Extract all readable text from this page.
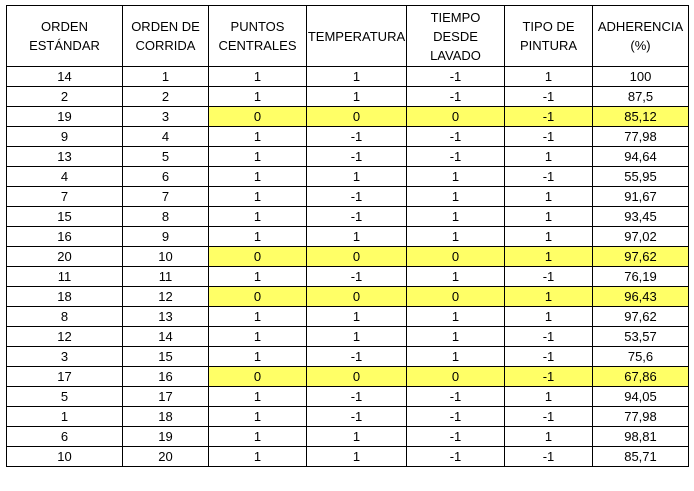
ORDEN ESTÁNDAR	ORDEN DE CORRIDA	PUNTOS CENTRALES	TEMPERATURA	TIEMPO DESDE LAVADO	TIPO DE PINTURA	ADHERENCIA (%)
14	1	1	1	-1	1	100
2	2	1	1	-1	-1	87,5
19	3	0	0	0	-1	85,12
9	4	1	-1	-1	-1	77,98
13	5	1	-1	-1	1	94,64
4	6	1	1	1	-1	55,95
7	7	1	-1	1	1	91,67
15	8	1	-1	1	1	93,45
16	9	1	1	1	1	97,02
20	10	0	0	0	1	97,62
11	11	1	-1	1	-1	76,19
18	12	0	0	0	1	96,43
8	13	1	1	1	1	97,62
12	14	1	1	1	-1	53,57
3	15	1	-1	1	-1	75,6
17	16	0	0	0	-1	67,86
5	17	1	-1	-1	1	94,05
1	18	1	-1	-1	-1	77,98
6	19	1	1	-1	1	98,81
10	20	1	1	-1	-1	85,71
